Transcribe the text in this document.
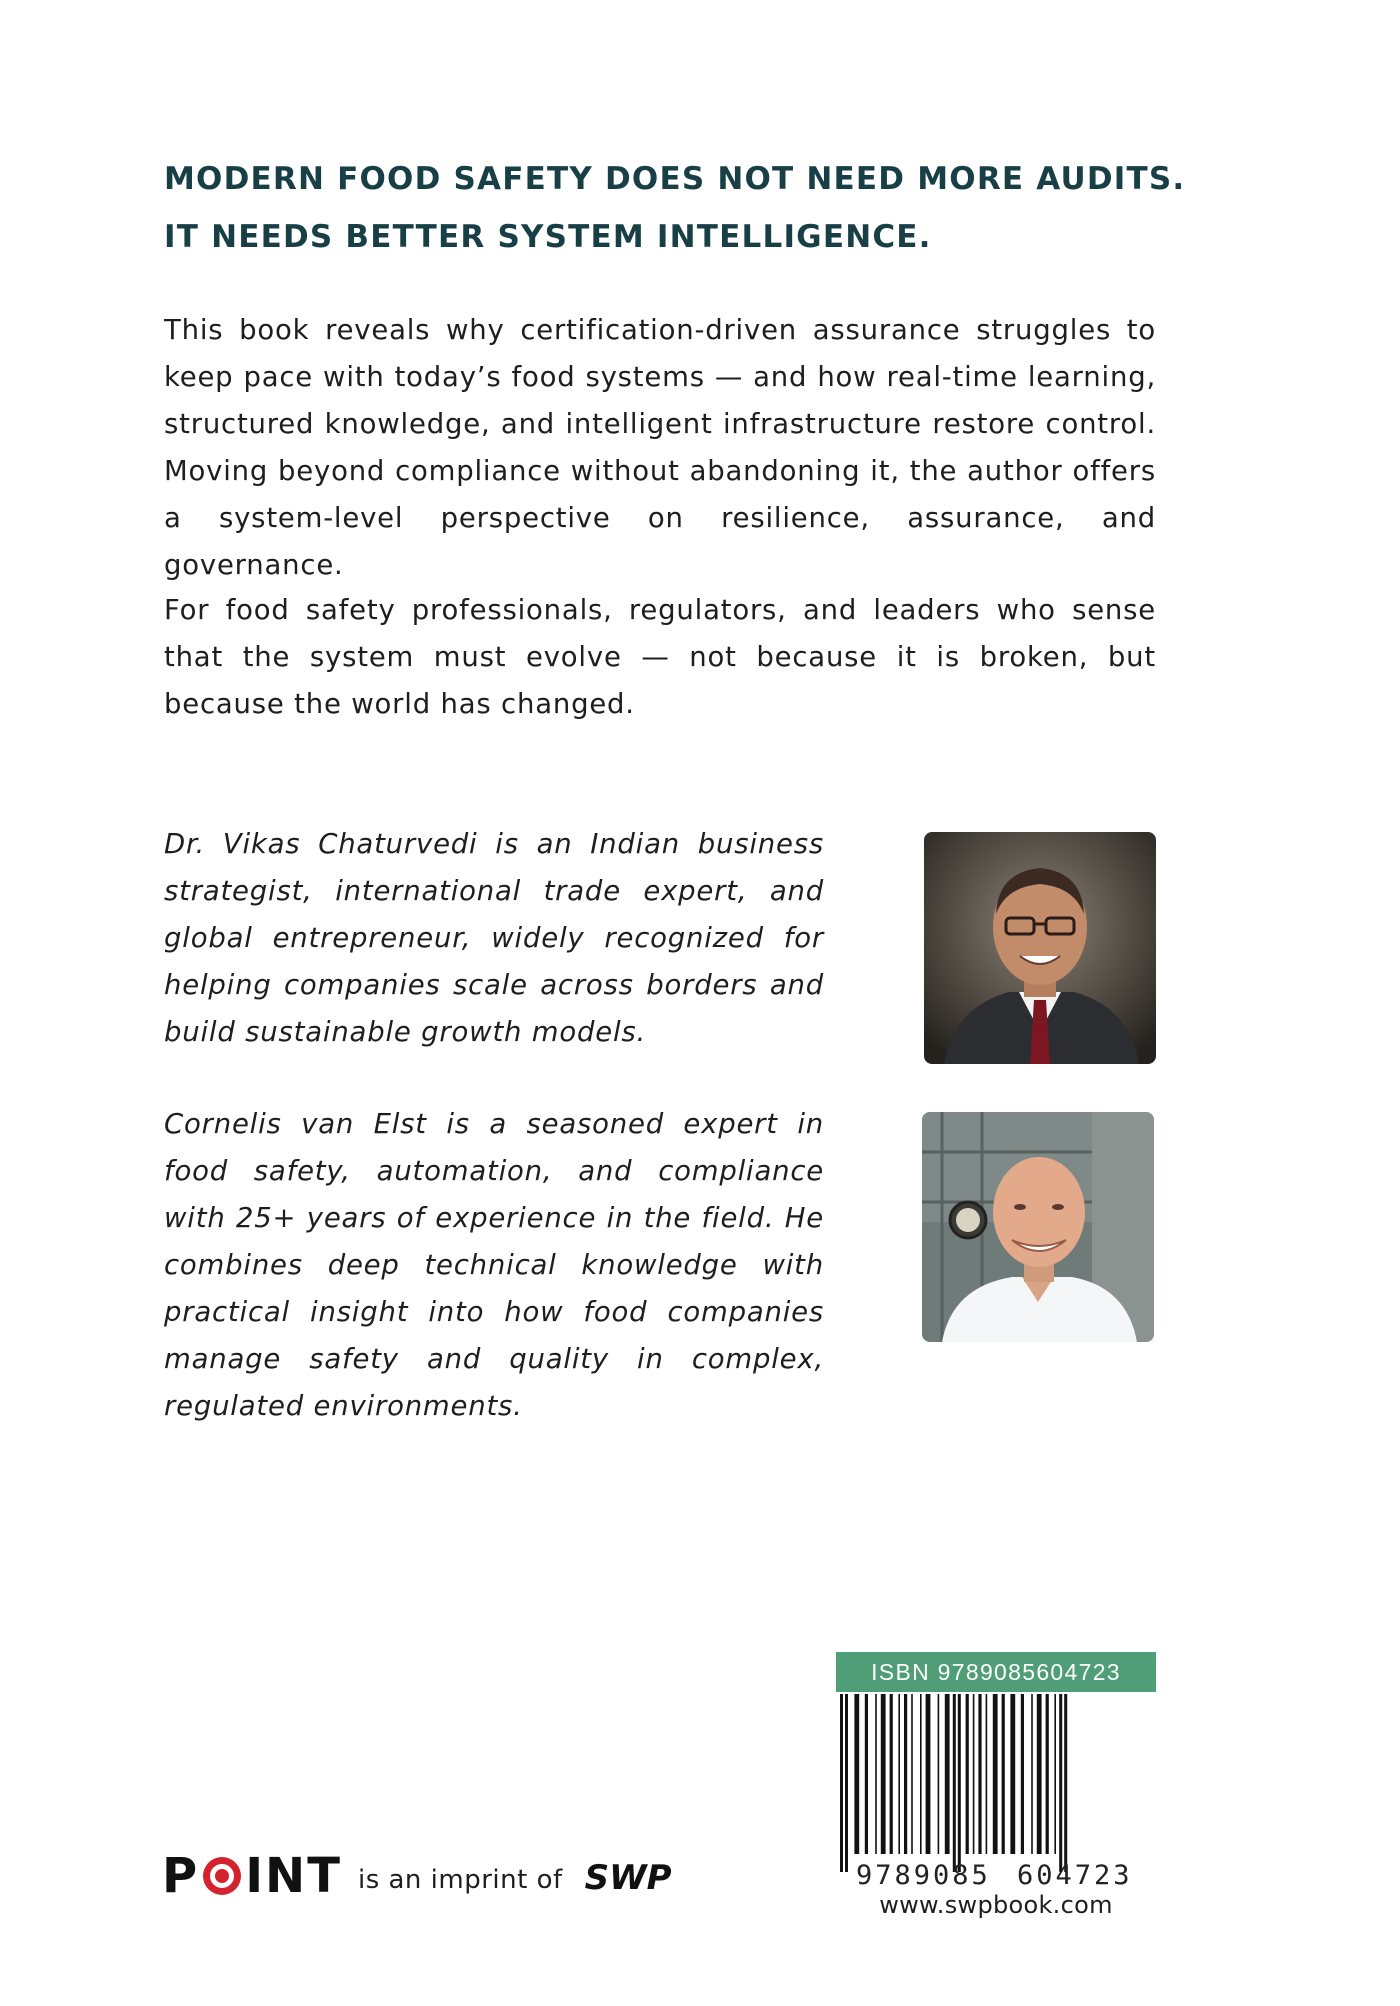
MODERN FOOD SAFETY DOES NOT NEED MORE AUDITS.
IT NEEDS BETTER SYSTEM INTELLIGENCE.

This book reveals why certification-driven assurance struggles to keep pace with today’s food systems — and how real-time learning, structured knowledge, and intelligent infrastructure restore control. Moving beyond compliance without abandoning it, the author offers a system-level perspective on resilience, assurance, and governance.

For food safety professionals, regulators, and leaders who sense that the system must evolve — not because it is broken, but because the world has changed.

Dr. Vikas Chaturvedi is an Indian business strategist, international trade expert, and global entrepreneur, widely recognized for helping companies scale across borders and build sustainable growth models.

Cornelis van Elst is a seasoned expert in food safety, automation, and compliance with 25+ years of experience in the field. He combines deep technical knowledge with practical insight into how food companies manage safety and quality in complex, regulated environments.

P INT is an imprint of SWP
ISBN 9789085604723
9789085 604723
www.swpbook.com
